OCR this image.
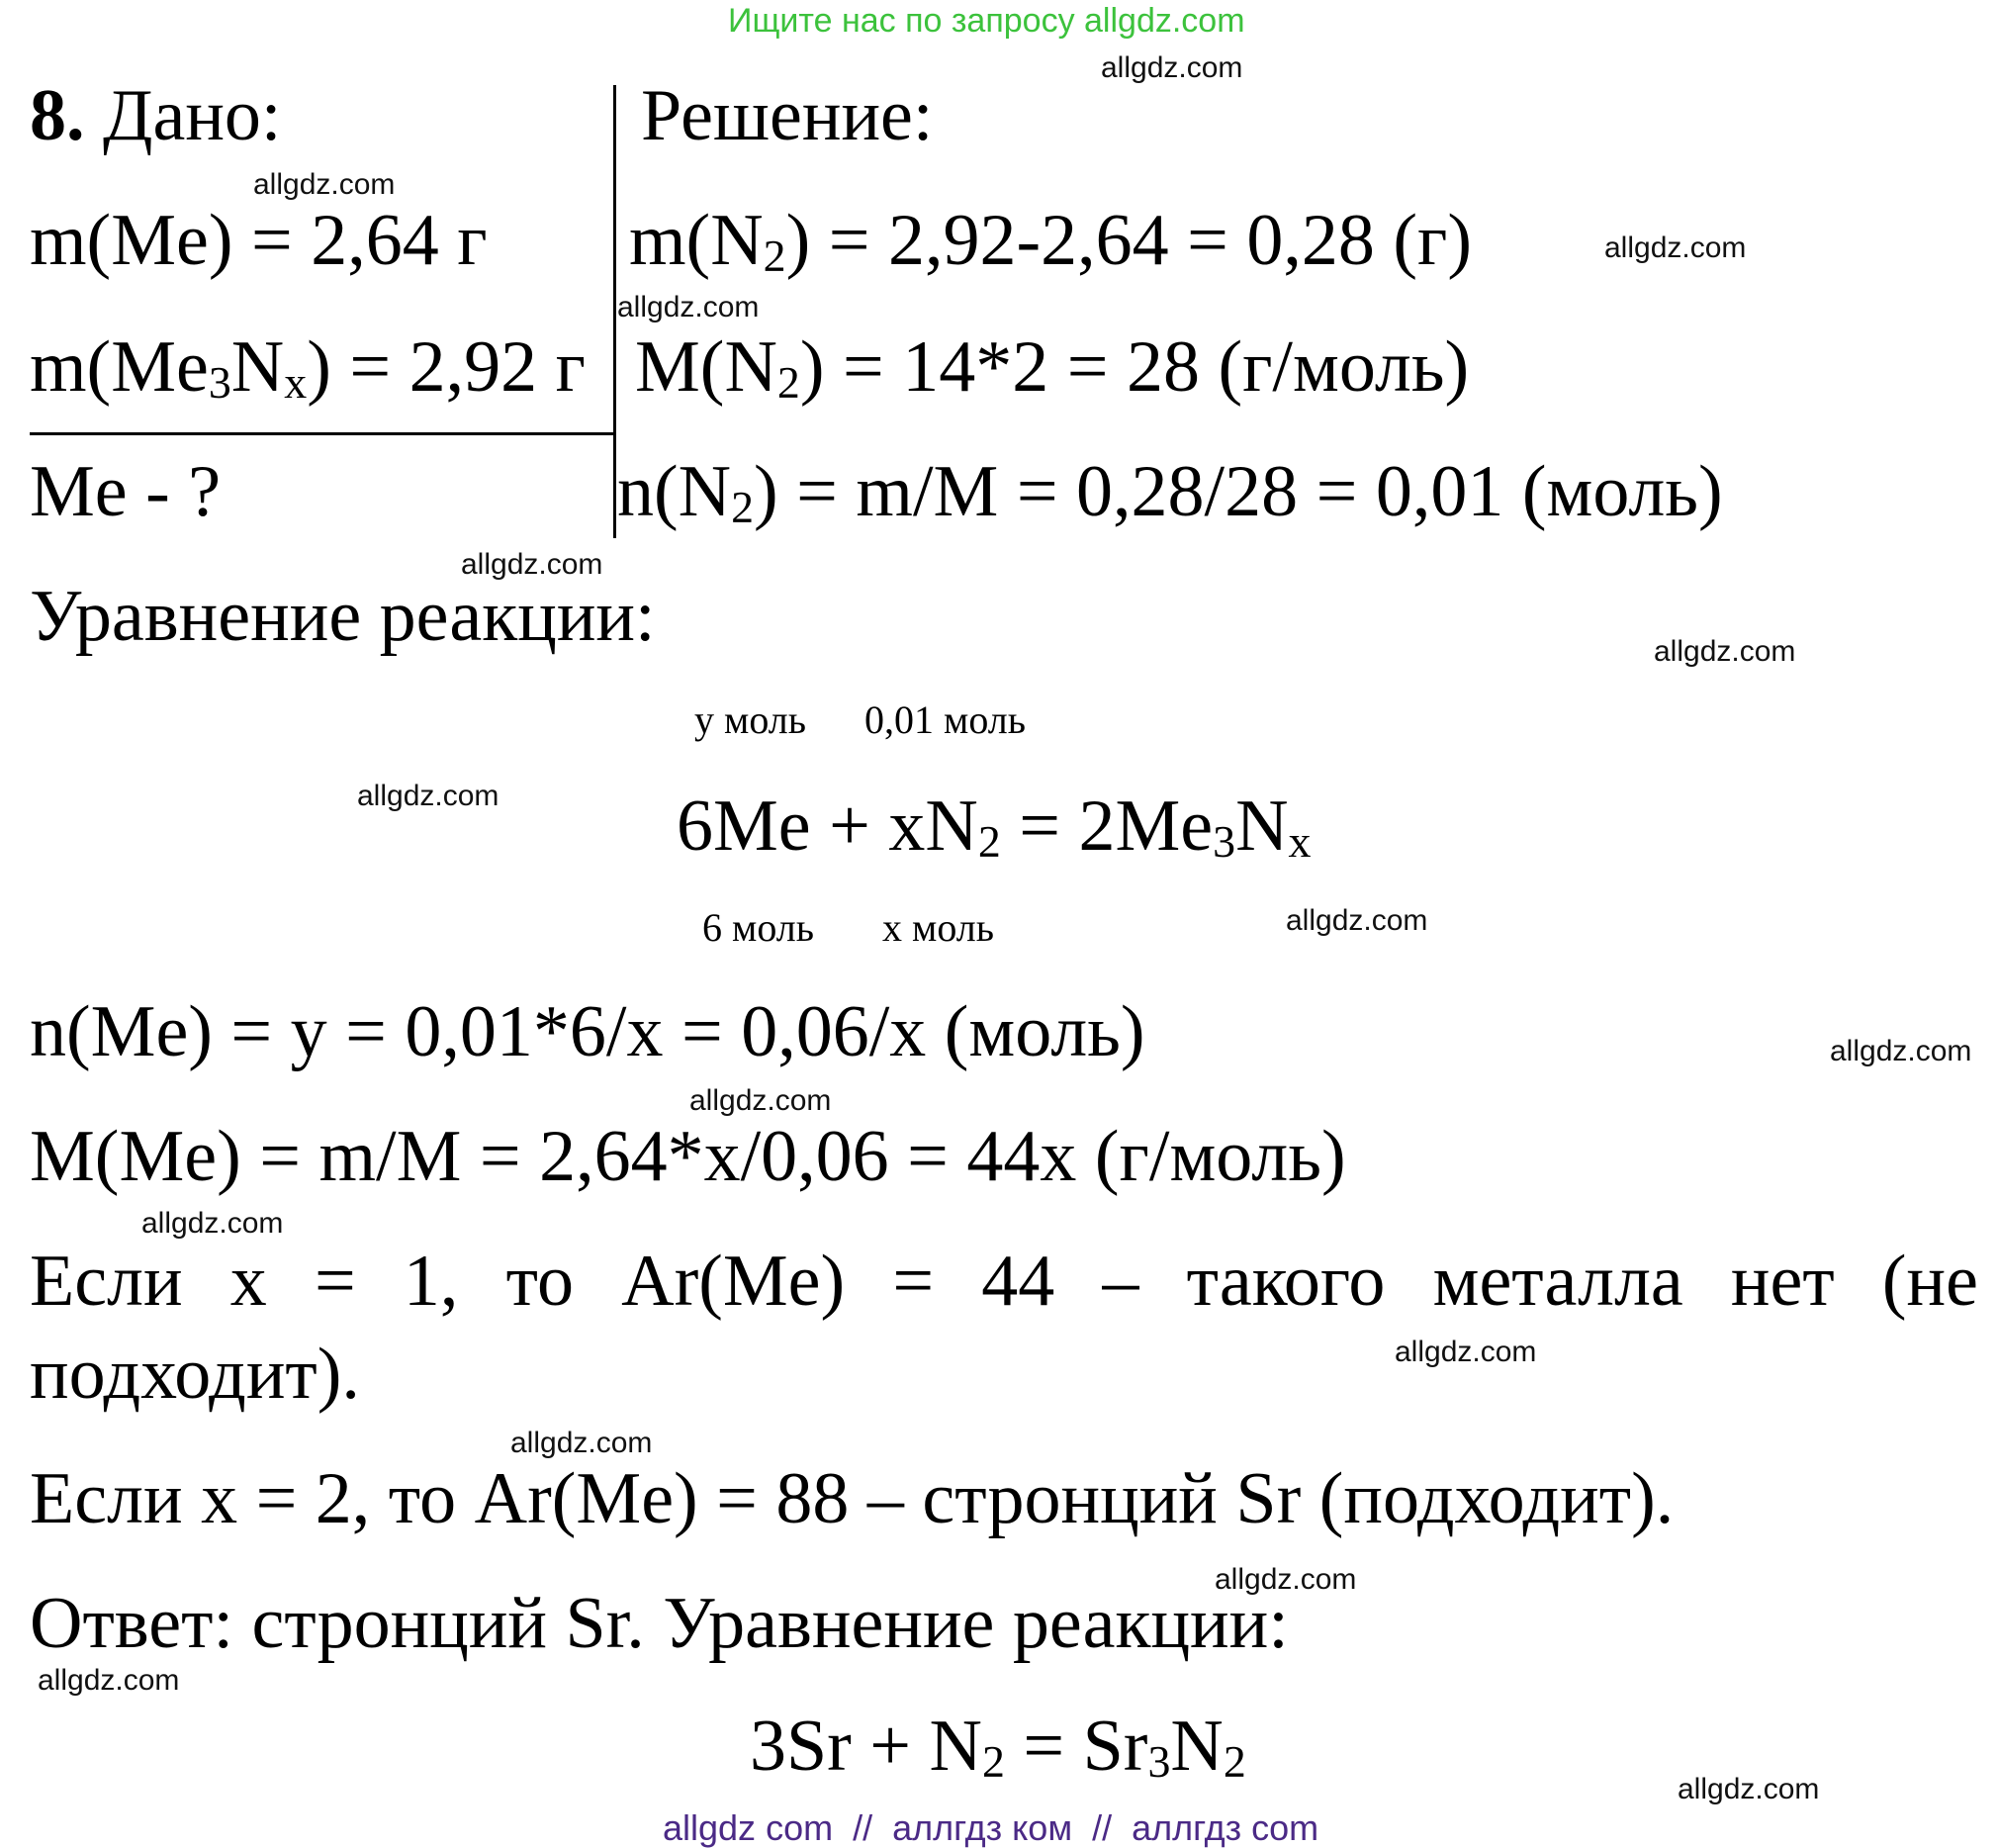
Ищите нас по запросу allgdz.com
allgdz.com
allgdz.com
allgdz.com
allgdz.com
allgdz.com
allgdz.com
allgdz.com
allgdz.com
allgdz.com
allgdz.com
allgdz.com
allgdz.com
allgdz.com
allgdz.com
allgdz.com
allgdz.com
8. Дано:	Решение:
m(Me) = 2,64 г
$m(Me_3N_x) = 2,92$ г
Me - ?
$m(N_2) = 2,92-2,64 = 0,28$ (г)
$M(N_2) = 14*2 = 28$ (г/моль)
$n(N_2) = m/M = 0,28/28 = 0,01$ (моль)
Уравнение реакции:
y моль 0,01 моль
$6Me + xN_2 = 2Me_3N_x$
6 моль x моль
n(Me) = y = 0,01*6/x = 0,06/x (моль)
M(Me) = m/M = 2,64*x/0,06 = 44x (г/моль)
Если x = 1, то Ar(Me) = 44 – такого металла нет (не
подходит).
Если x = 2, то Ar(Me) = 88 – стронций Sr (подходит).
Ответ: стронций Sr. Уравнение реакции:
$3Sr + N_2 = Sr_3N_2$
allgdz com  //  аллгдз ком  //  аллгдз com
